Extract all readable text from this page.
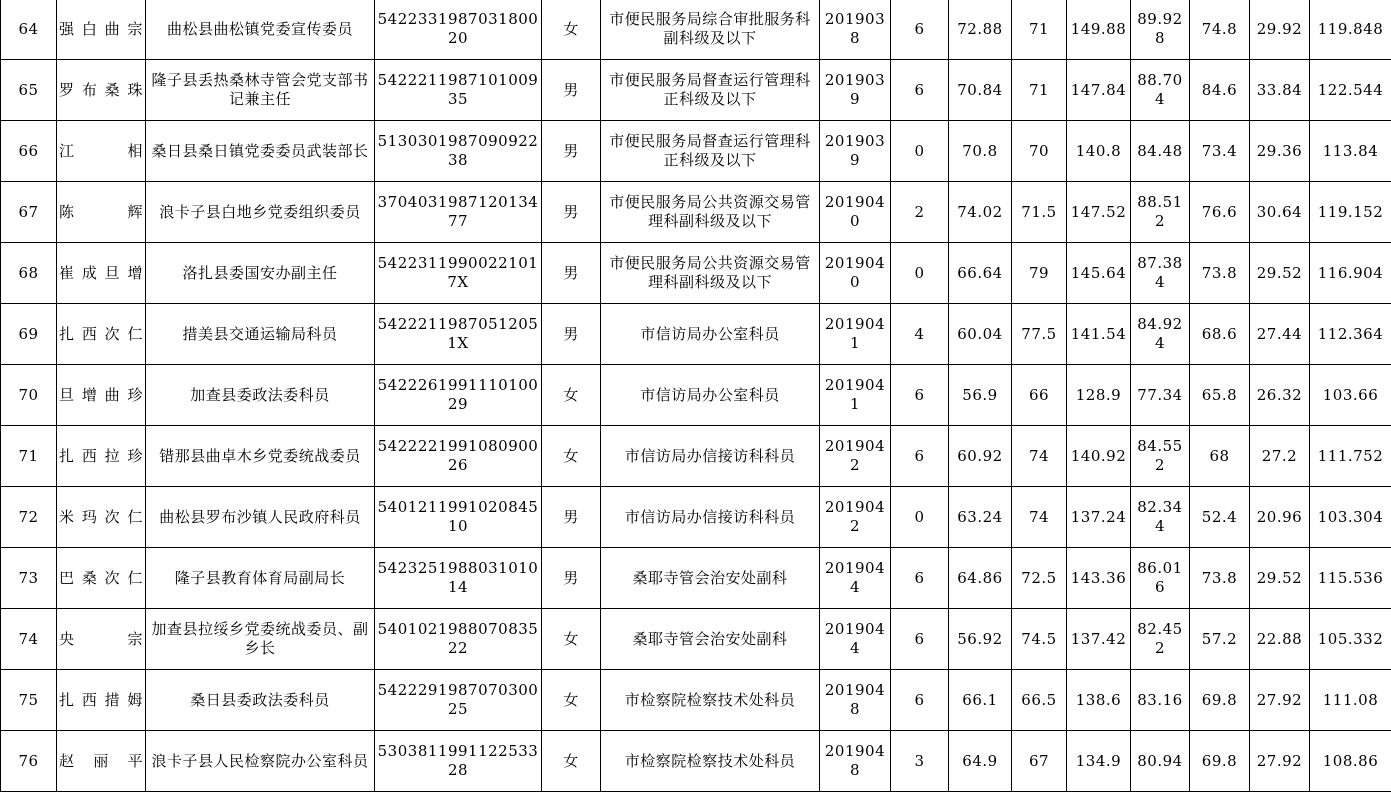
64	强白曲宗	曲松县曲松镇党委宣传委员	542233198703180020	女	市便民服务局综合审批服务科副科级及以下	2019038	6	72.88	71	149.88	89.928	74.8	29.92	119.848
65	罗布桑珠	隆子县丢热桑林寺管会党支部书记兼主任	542221198710100935	男	市便民服务局督查运行管理科正科级及以下	2019039	6	70.84	71	147.84	88.704	84.6	33.84	122.544
66	江相	桑日县桑日镇党委委员武装部长	513030198709092238	男	市便民服务局督查运行管理科正科级及以下	2019039	0	70.8	70	140.8	84.48	73.4	29.36	113.84
67	陈辉	浪卡子县白地乡党委组织委员	370403198712013477	男	市便民服务局公共资源交易管理科副科级及以下	2019040	2	74.02	71.5	147.52	88.512	76.6	30.64	119.152
68	崔成旦增	洛扎县委国安办副主任	54223119900221017X	男	市便民服务局公共资源交易管理科副科级及以下	2019040	0	66.64	79	145.64	87.384	73.8	29.52	116.904
69	扎西次仁	措美县交通运输局科员	54222119870512051X	男	市信访局办公室科员	2019041	4	60.04	77.5	141.54	84.924	68.6	27.44	112.364
70	旦增曲珍	加查县委政法委科员	542226199111010029	女	市信访局办公室科员	2019041	6	56.9	66	128.9	77.34	65.8	26.32	103.66
71	扎西拉珍	错那县曲卓木乡党委统战委员	542222199108090026	女	市信访局办信接访科科员	2019042	6	60.92	74	140.92	84.552	68	27.2	111.752
72	米玛次仁	曲松县罗布沙镇人民政府科员	540121199102084510	男	市信访局办信接访科科员	2019042	0	63.24	74	137.24	82.344	52.4	20.96	103.304
73	巴桑次仁	隆子县教育体育局副局长	542325198803101014	男	桑耶寺管会治安处副科	2019044	6	64.86	72.5	143.36	86.016	73.8	29.52	115.536
74	央宗	加查县拉绥乡党委统战委员、副乡长	540102198807083522	女	桑耶寺管会治安处副科	2019044	6	56.92	74.5	137.42	82.452	57.2	22.88	105.332
75	扎西措姆	桑日县委政法委科员	542229198707030025	女	市检察院检察技术处科员	2019048	6	66.1	66.5	138.6	83.16	69.8	27.92	111.08
76	赵丽平	浪卡子县人民检察院办公室科员	530381199112253328	女	市检察院检察技术处科员	2019048	3	64.9	67	134.9	80.94	69.8	27.92	108.86
